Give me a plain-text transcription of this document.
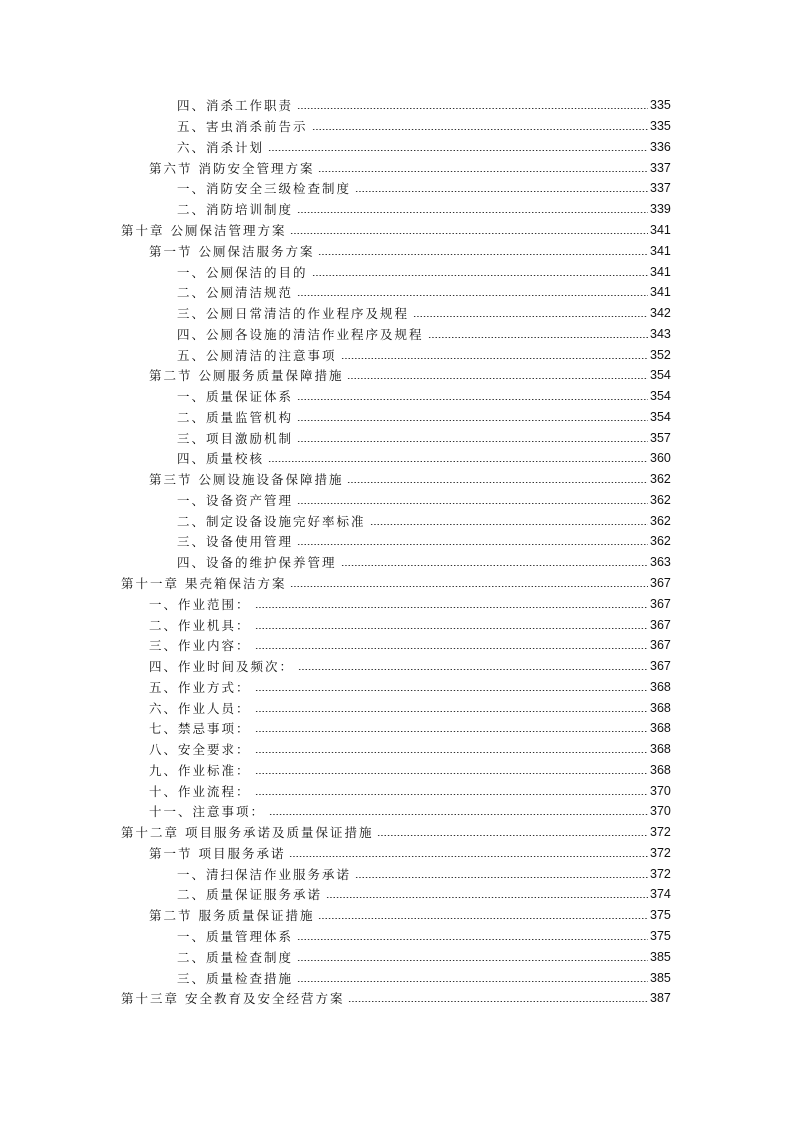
四、消杀工作职责	335
五、害虫消杀前告示	335
六、消杀计划	336
第六节 消防安全管理方案	337
一、消防安全三级检查制度	337
二、消防培训制度	339
第十章 公厕保洁管理方案	341
第一节 公厕保洁服务方案	341
一、公厕保洁的目的	341
二、公厕清洁规范	341
三、公厕日常清洁的作业程序及规程	342
四、公厕各设施的清洁作业程序及规程	343
五、公厕清洁的注意事项	352
第二节 公厕服务质量保障措施	354
一、质量保证体系	354
二、质量监管机构	354
三、项目激励机制	357
四、质量校核	360
第三节 公厕设施设备保障措施	362
一、设备资产管理	362
二、制定设备设施完好率标准	362
三、设备使用管理	362
四、设备的维护保养管理	363
第十一章 果壳箱保洁方案	367
一、作业范围：	367
二、作业机具：	367
三、作业内容：	367
四、作业时间及频次：	367
五、作业方式：	368
六、作业人员：	368
七、禁忌事项：	368
八、安全要求：	368
九、作业标准：	368
十、作业流程：	370
十一、注意事项：	370
第十二章 项目服务承诺及质量保证措施	372
第一节 项目服务承诺	372
一、清扫保洁作业服务承诺	372
二、质量保证服务承诺	374
第二节 服务质量保证措施	375
一、质量管理体系	375
二、质量检查制度	385
三、质量检查措施	385
第十三章 安全教育及安全经营方案	387
